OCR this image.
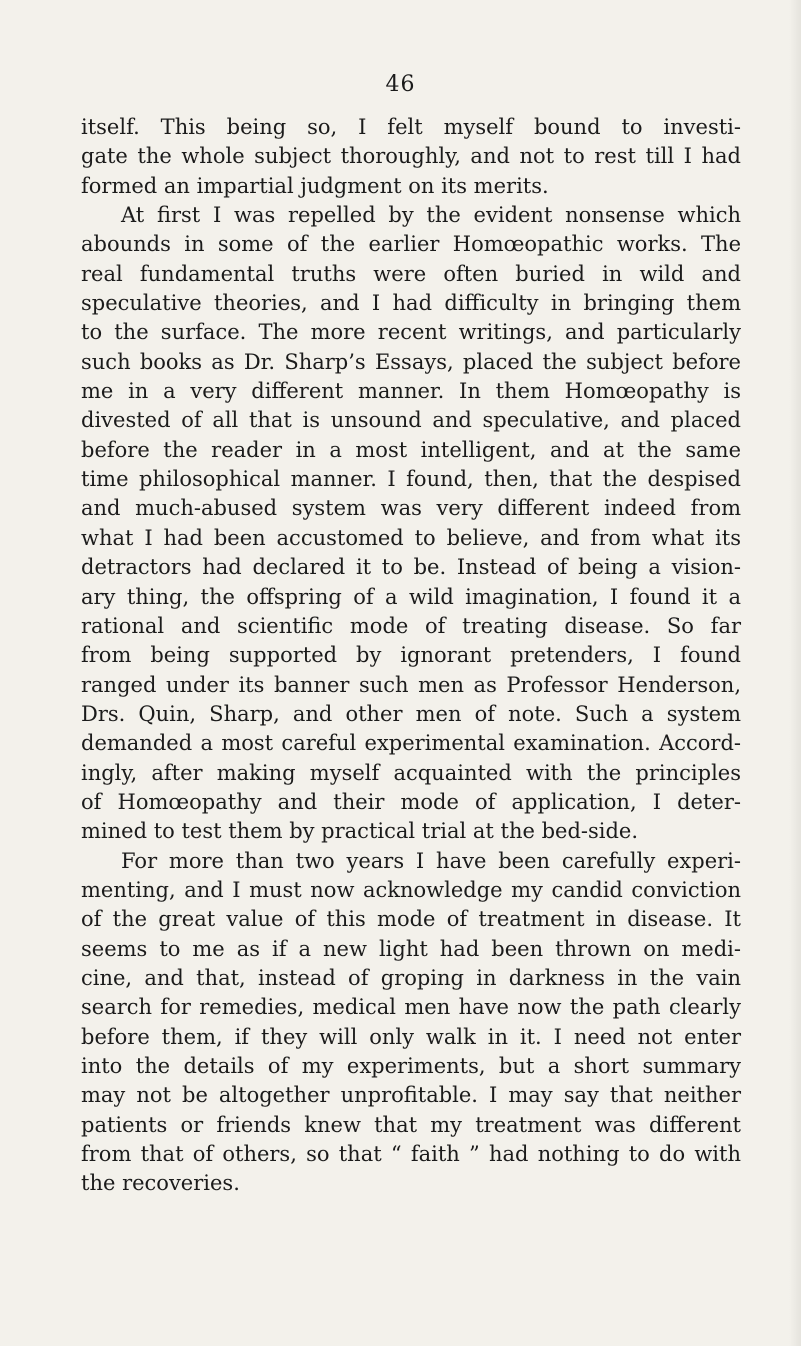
46
itself. This being so, I felt myself bound to investi-
gate the whole subject thoroughly, and not to rest till I had
formed an impartial judgment on its merits.
At first I was repelled by the evident nonsense which
abounds in some of the earlier Homœopathic works. The
real fundamental truths were often buried in wild and
speculative theories, and I had difficulty in bringing them
to the surface. The more recent writings, and particularly
such books as Dr. Sharp’s Essays, placed the subject before
me in a very different manner. In them Homœopathy is
divested of all that is unsound and speculative, and placed
before the reader in a most intelligent, and at the same
time philosophical manner. I found, then, that the despised
and much-abused system was very different indeed from
what I had been accustomed to believe, and from what its
detractors had declared it to be. Instead of being a vision-
ary thing, the offspring of a wild imagination, I found it a
rational and scientific mode of treating disease. So far
from being supported by ignorant pretenders, I found
ranged under its banner such men as Professor Henderson,
Drs. Quin, Sharp, and other men of note. Such a system
demanded a most careful experimental examination. Accord-
ingly, after making myself acquainted with the principles
of Homœopathy and their mode of application, I deter-
mined to test them by practical trial at the bed-side.
For more than two years I have been carefully experi-
menting, and I must now acknowledge my candid conviction
of the great value of this mode of treatment in disease. It
seems to me as if a new light had been thrown on medi-
cine, and that, instead of groping in darkness in the vain
search for remedies, medical men have now the path clearly
before them, if they will only walk in it. I need not enter
into the details of my experiments, but a short summary
may not be altogether unprofitable. I may say that neither
patients or friends knew that my treatment was different
from that of others, so that “ faith ” had nothing to do with
the recoveries.
